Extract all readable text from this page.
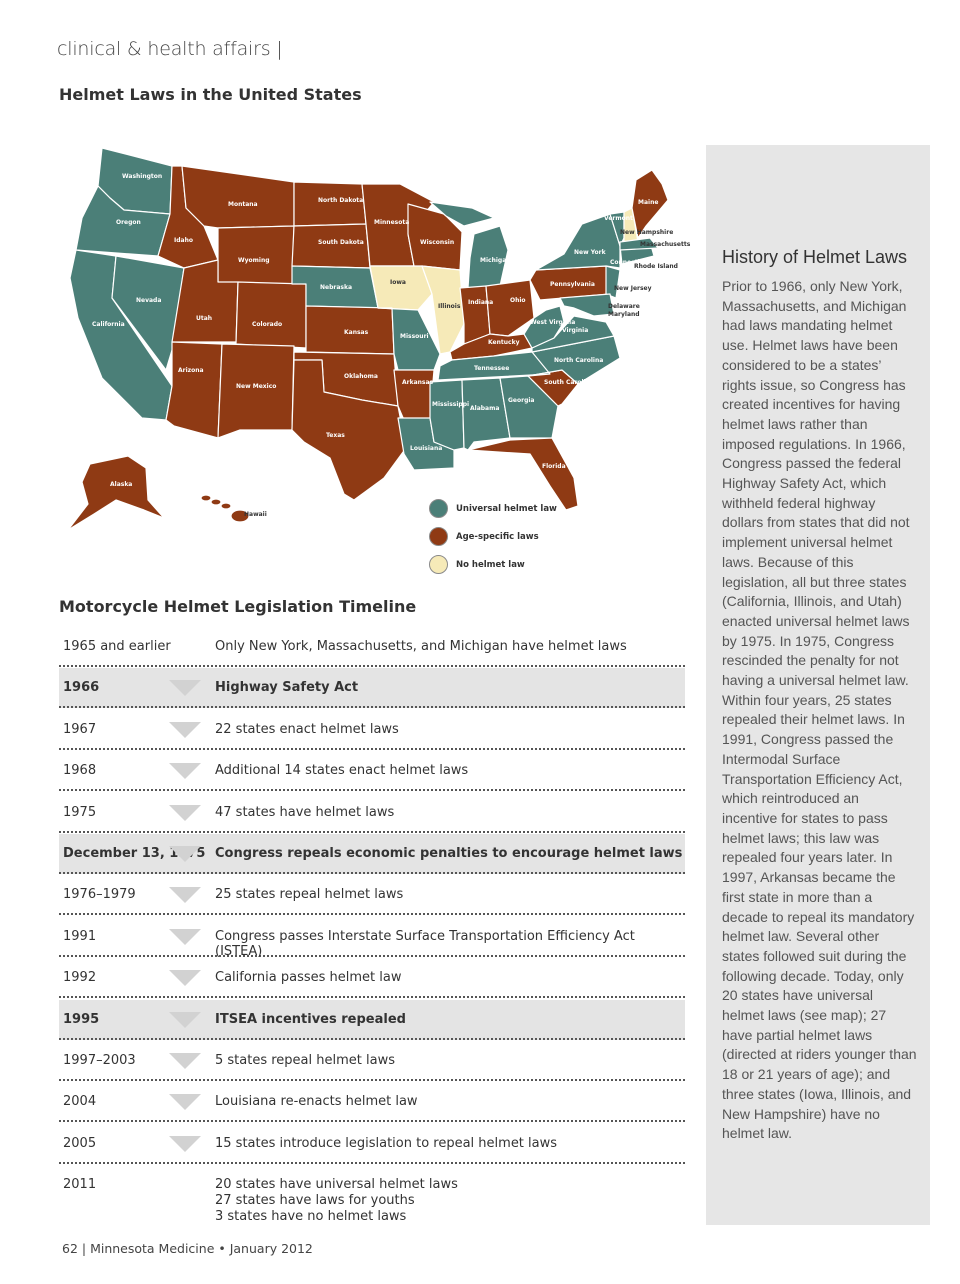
clinical & health affairs |
Helmet Laws in the United States
Washington
Oregon
California
Nevada
Idaho
Montana
Wyoming
Utah
Colorado
Arizona
New Mexico
North Dakota
South Dakota
Nebraska
Kansas
Oklahoma
Texas
Minnesota
Iowa
Missouri
Arkansas
Louisiana
Wisconsin
Illinois
Michigan
Indiana	Ohio
Kentucky
Tennessee
Mississippi
Alabama
Georgia
Florida
South Carolina
North Carolina
Virginia
West Virginia
Pennsylvania
New York
New Jersey
Delaware
Maryland
Connecticut
Rhode Island
Massachusetts
Vermont
New Hampshire
Maine
Alaska
Hawaii
Universal helmet law
Age-specific laws
No helmet law
History of Helmet Laws

Prior to 1966, only New York, Massachusetts, and Michigan had laws mandating helmet use. Helmet laws have been considered to be a states’ rights issue, so Congress has created incentives for having helmet laws rather than imposed regulations. In 1966, Congress passed the federal Highway Safety Act, which withheld federal highway dollars from states that did not implement universal helmet laws. Because of this legislation, all but three states (California, Illinois, and Utah) enacted universal helmet laws by 1975. In 1975, Congress rescinded the penalty for not having a universal helmet law. Within four years, 25 states repealed their helmet laws. In 1991, Congress passed the Intermodal Surface Transportation Efficiency Act, which reintroduced an incentive for states to pass helmet laws; this law was repealed four years later. In 1997, Arkansas became the first state in more than a decade to repeal its mandatory helmet law. Several other states followed suit during the following decade. Today, only 20 states have universal helmet laws (see map); 27 have partial helmet laws (directed at riders younger than 18 or 21 years of age); and three states (Iowa, Illinois, and New Hampshire) have no helmet law.

Motorcycle Helmet Legislation Timeline
1965 and earlier	Only New York, Massachusetts, and Michigan have helmet laws
1966	Highway Safety Act
1967	22 states enact helmet laws
1968	Additional 14 states enact helmet laws
1975	47 states have helmet laws
December 13, 1975 Congress repeals economic penalties to encourage helmet laws
1976–1979	25 states repeal helmet laws
1991	Congress passes Interstate Surface Transportation Efficiency Act (ISTEA)
1992	California passes helmet law
1995	ITSEA incentives repealed
1997–2003	5 states repeal helmet laws
2004	Louisiana re-enacts helmet law
2005	15 states introduce legislation to repeal helmet laws
2011	20 states have universal helmet laws
27 states have laws for youths
3 states have no helmet laws
62 | Minnesota Medicine • January 2012
